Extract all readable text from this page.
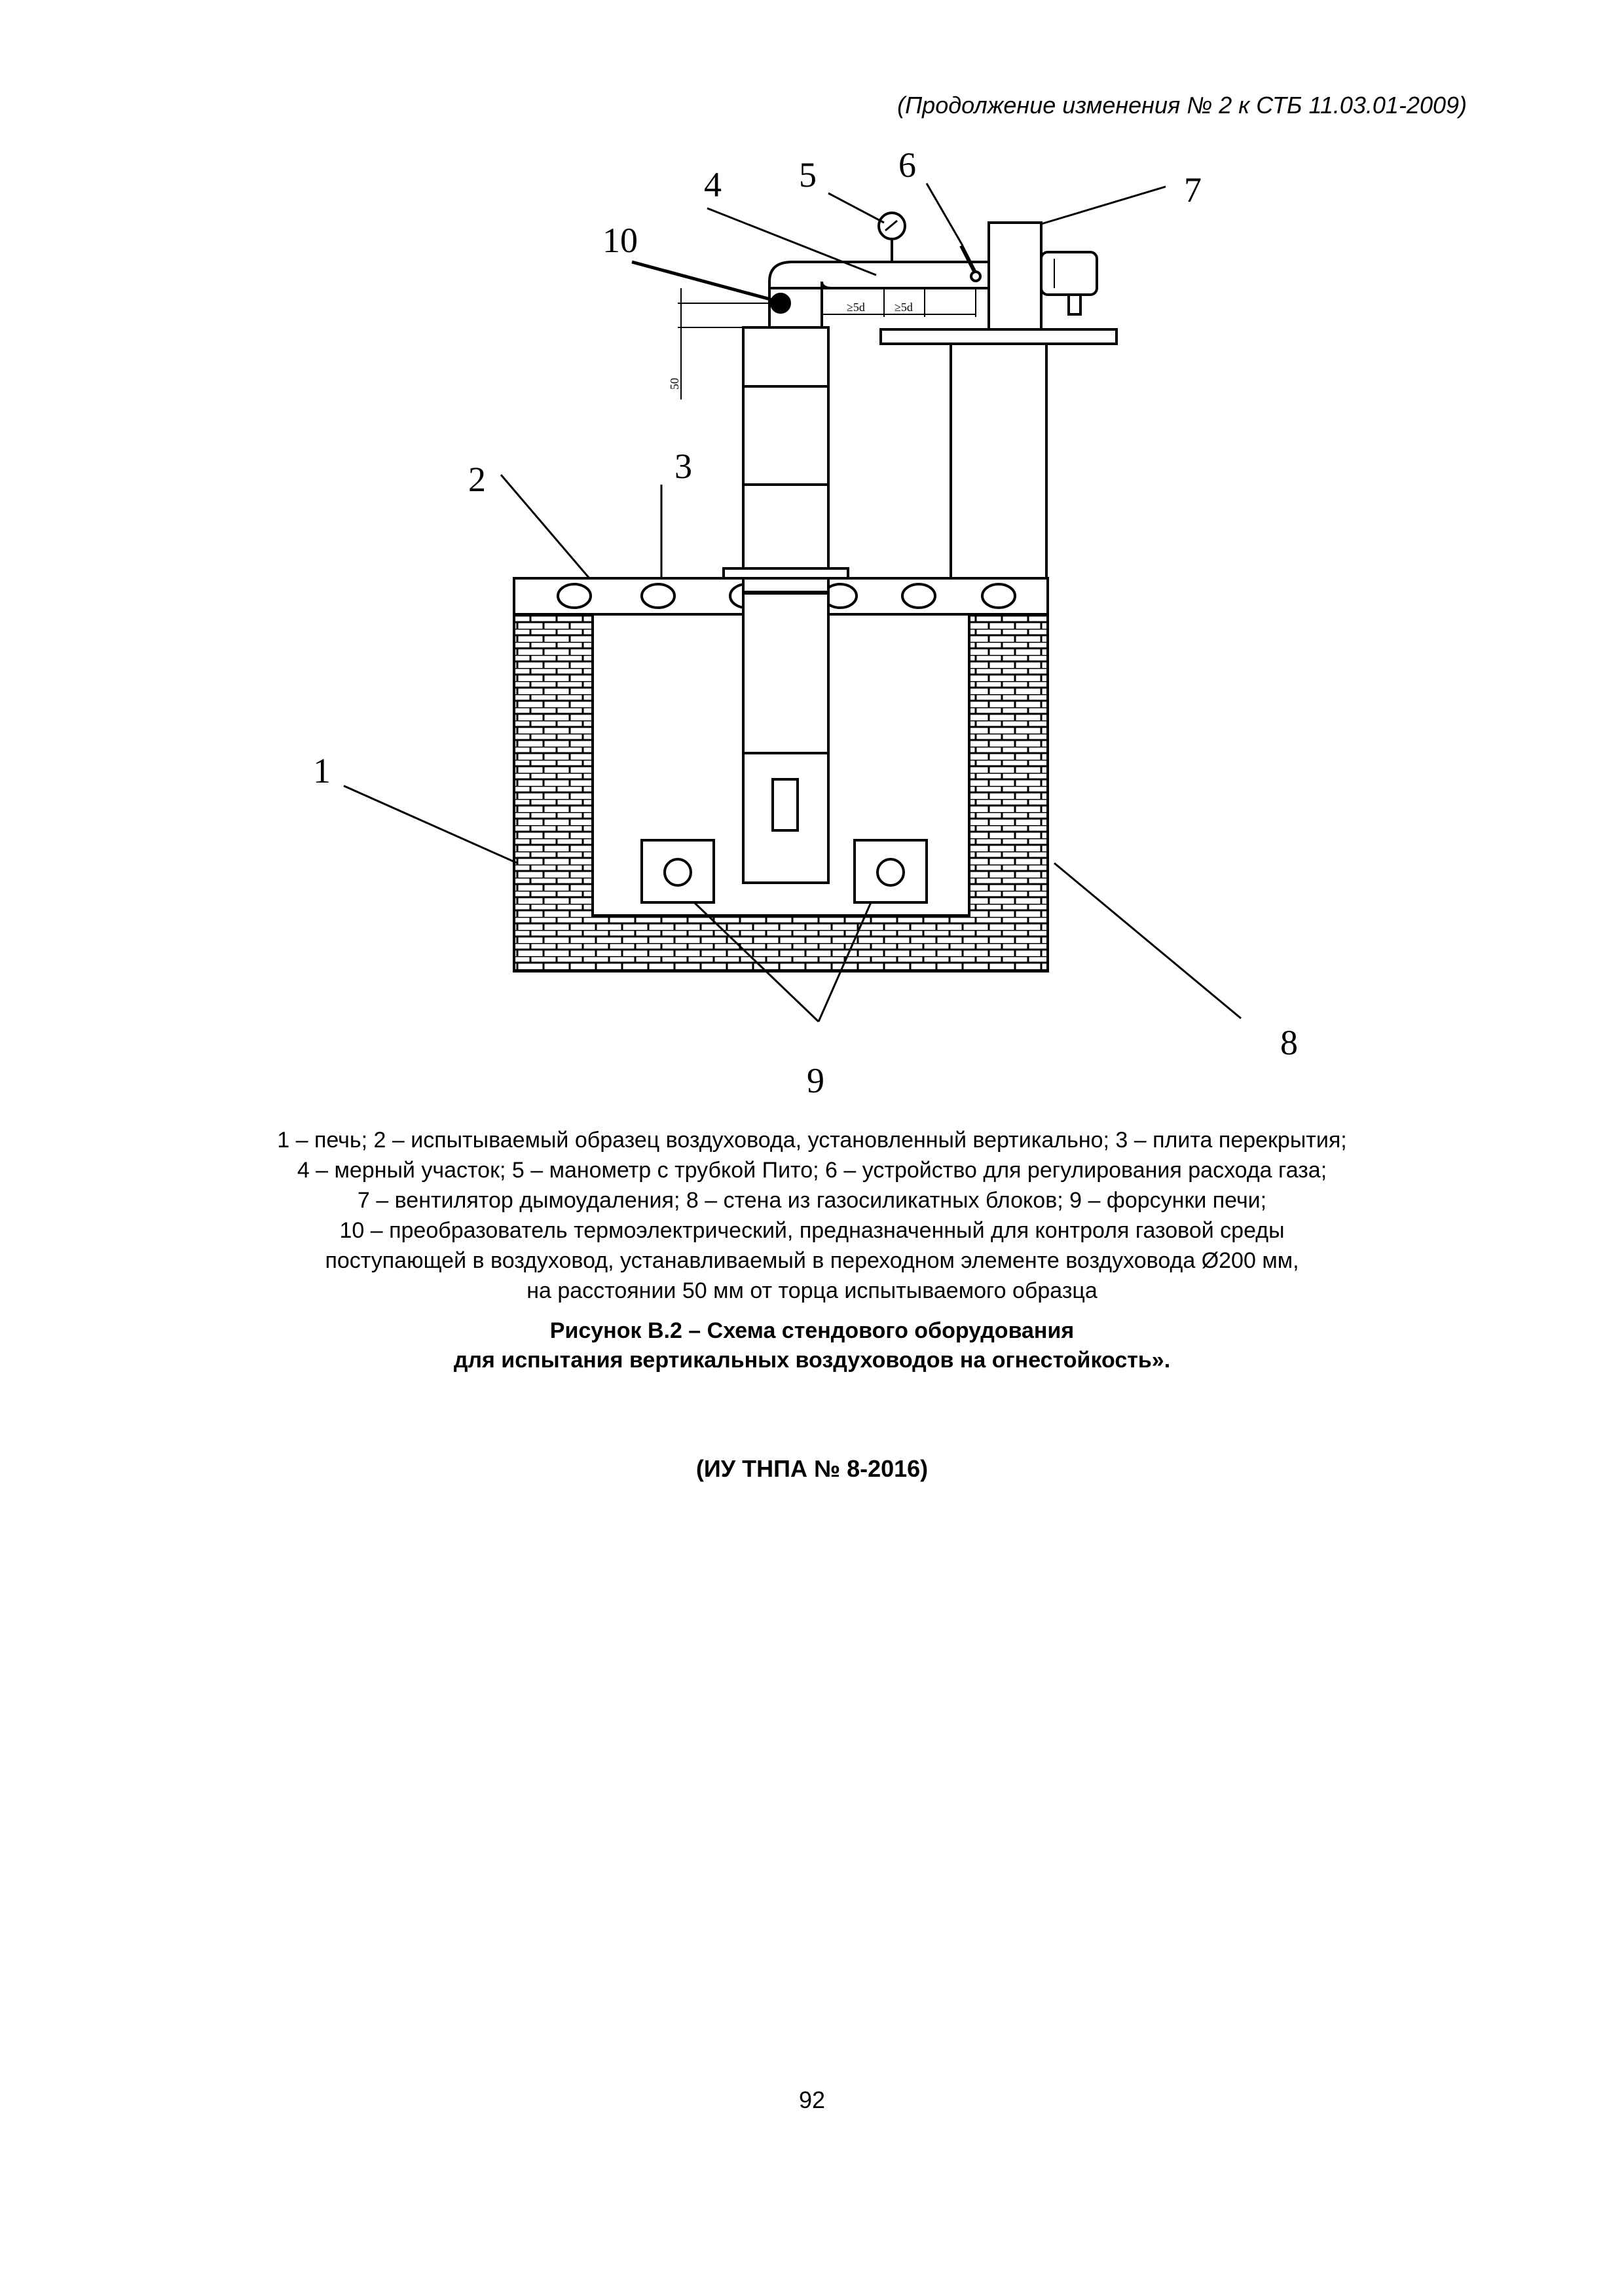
(Продолжение изменения № 2 к СТБ 11.03.01-2009)
≥5d	≥5d
50
1
2	3
4 5 6
7
8
9
10
1 – печь; 2 – испытываемый образец воздуховода, установленный вертикально; 3 – плита перекрытия;
4 – мерный участок; 5 – манометр с трубкой Пито; 6 – устройство для регулирования расхода газа;
7 – вентилятор дымоудаления; 8 – стена из газосиликатных блоков; 9 – форсунки печи;
10 – преобразователь термоэлектрический, предназначенный для контроля газовой среды
поступающей в воздуховод, устанавливаемый в переходном элементе воздуховода Ø200 мм,
на расстоянии 50 мм от торца испытываемого образца
Рисунок В.2 – Схема стендового оборудования
для испытания вертикальных воздуховодов на огнестойкость».
(ИУ ТНПА № 8-2016)
92
